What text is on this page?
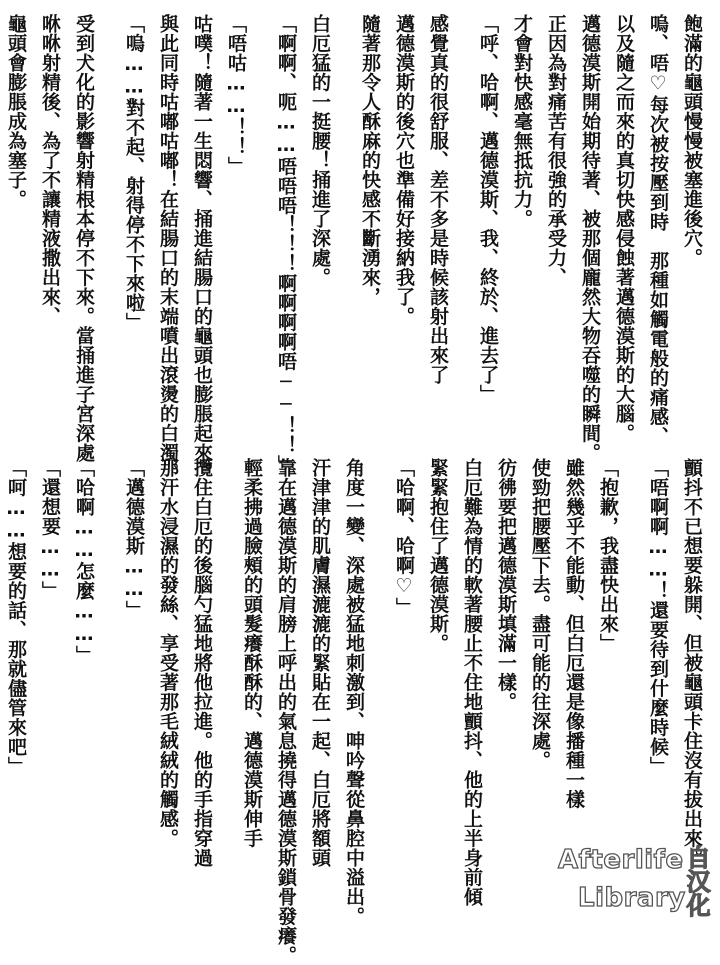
飽滿的龜頭慢慢被塞進後穴。

嗚、唔♡每次被按壓到時　那種如觸電般的痛感、

以及隨之而來的真切快感侵蝕著邁德漠斯的大腦。

邁德漠斯開始期待著、被那個龐然大物吞噬的瞬間。

正因為對痛苦有很強的承受力、

才會對快感毫無抵抗力。

「呼、哈啊、邁德漠斯、我、終於、進去了」

感覺真的很舒服、差不多是時候該射出來了

邁德漠斯的後穴也準備好接納我了。

隨著那令人酥麻的快感不斷湧來，

白厄猛的一挺腰！捅進了深處。

「啊啊、呃……唔唔唔！！！啊啊啊啊唔──！！」

「唔咕……！！」

咕噗！隨著一生悶響、捅進結腸口的龜頭也膨脹起來。

與此同時咕嘟咕嘟！在結腸口的末端噴出滾燙的白濁。

「嗚……對不起、射得停不下來啦」

受到犬化的影響射精根本停不下來。當捅進子宮深處

咻咻射精後、為了不讓精液撒出來、

龜頭會膨脹成為塞子。

顫抖不已想要躲開、但被龜頭卡住沒有拔出來。

「唔啊啊……！還要待到什麼時候」

「抱歉，我盡快出來」

雖然幾乎不能動、但白厄還是像播種一樣

使勁把腰壓下去。盡可能的往深處。

彷彿要把邁德漠斯填滿一樣。

白厄難為情的軟著腰止不住地顫抖、他的上半身前傾

緊緊抱住了邁德漠斯。

「哈啊、哈啊♡」

角度一變、深處被猛地刺激到、呻吟聲從鼻腔中溢出。

汗津津的肌膚濕漉漉的緊貼在一起、白厄將額頭

靠在邁德漠斯的肩膀上呼出的氣息撓得邁德漠斯鎖骨發癢。

輕柔拂過臉頰的頭髮癢酥酥的、邁德漠斯伸手

攬住白厄的後腦勺猛地將他拉進。他的手指穿過

那汗水浸濕的發絲、享受著那毛絨絨的觸感。

「邁德漠斯……」

「哈啊……怎麼……」

「還想要……」

「呵……想要的話、那就儘管來吧」

Afterlife
Library
自汉化
